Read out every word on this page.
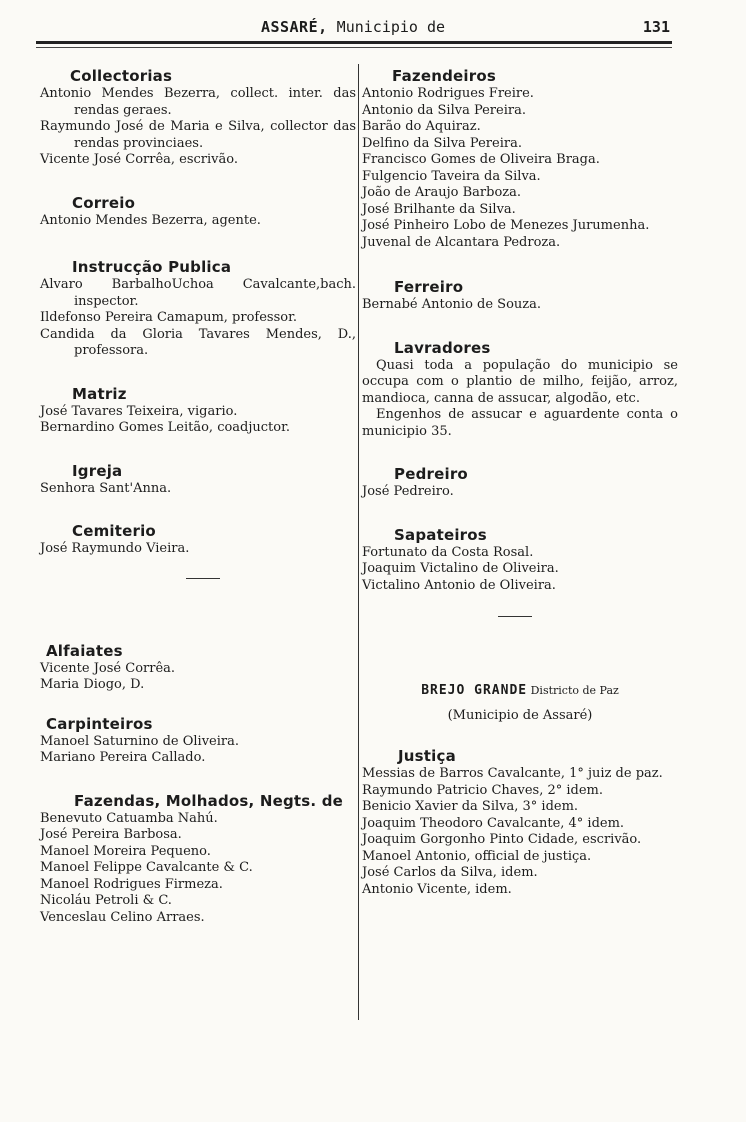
ASSARÉ, Municipio de	131
Collectorias
Antonio Mendes Bezerra, collect. inter. das rendas geraes.
Raymundo José de Maria e Silva, collector das rendas provinciaes.
Vicente José Corrêa, escrivão.
Correio
Antonio Mendes Bezerra, agente.
Instrucção Publica
Alvaro BarbalhoUchoa Cavalcante,bach. inspector.
Ildefonso Pereira Camapum, professor.
Candida da Gloria Tavares Mendes, D., professora.
Matriz
José Tavares Teixeira, vigario.
Bernardino Gomes Leitão, coadjuctor.
Igreja
Senhora Sant'Anna.
Cemiterio
José Raymundo Vieira.
Alfaiates
Vicente José Corrêa.
Maria Diogo, D.
Carpinteiros
Manoel Saturnino de Oliveira.
Mariano Pereira Callado.
Fazendas, Molhados, Negts. de
Benevuto Catuamba Nahú.
José Pereira Barbosa.
Manoel Moreira Pequeno.
Manoel Felippe Cavalcante & C.
Manoel Rodrigues Firmeza.
Nicoláu Petroli & C.
Venceslau Celino Arraes.
Fazendeiros
Antonio Rodrigues Freire.
Antonio da Silva Pereira.
Barão do Aquiraz.
Delfino da Silva Pereira.
Francisco Gomes de Oliveira Braga.
Fulgencio Taveira da Silva.
João de Araujo Barboza.
José Brilhante da Silva.
José Pinheiro Lobo de Menezes Jurumenha.
Juvenal de Alcantara Pedroza.
Ferreiro
Bernabé Antonio de Souza.
Lavradores
Quasi toda a população do municipio se occupa com o plantio de milho, feijão, arroz, mandioca, canna de assucar, algodão, etc.
Engenhos de assucar e aguardente conta o municipio 35.
Pedreiro
José Pedreiro.
Sapateiros
Fortunato da Costa Rosal.
Joaquim Victalino de Oliveira.
Victalino Antonio de Oliveira.
BREJO GRANDE Districto de Paz
(Municipio de Assaré)
Justiça
Messias de Barros Cavalcante, 1° juiz de paz.
Raymundo Patricio Chaves, 2° idem.
Benicio Xavier da Silva, 3° idem.
Joaquim Theodoro Cavalcante, 4° idem.
Joaquim Gorgonho Pinto Cidade, escrivão.
Manoel Antonio, official de justiça.
José Carlos da Silva, idem.
Antonio Vicente, idem.
